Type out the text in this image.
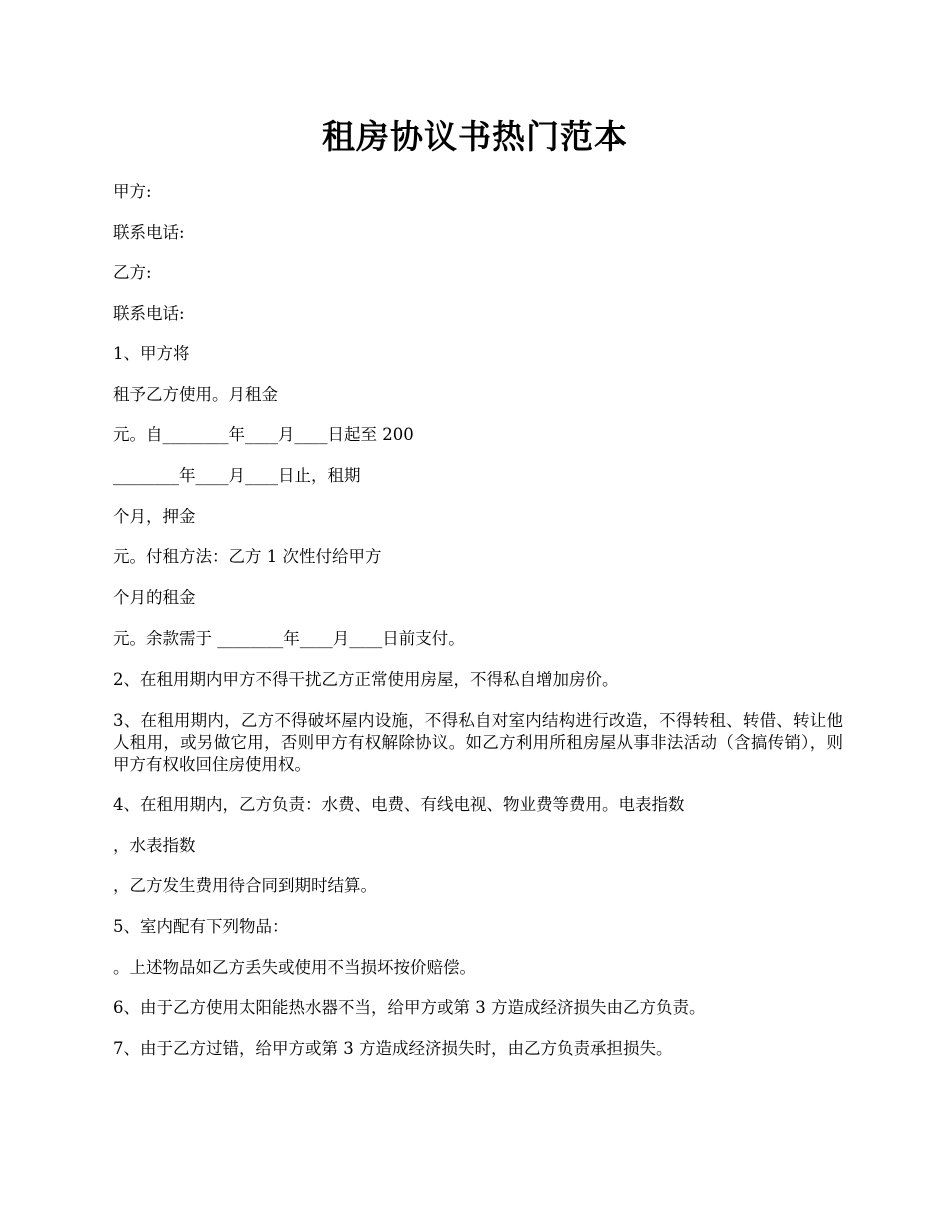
租房协议书热门范本
甲方:
联系电话:
乙方:
联系电话:
1、甲方将
租予乙方使用。月租金
元。自________年____月____日起至 200
________年____月____日止，租期
个月，押金
元。付租方法：乙方 1 次性付给甲方
个月的租金
元。余款需于 ________年____月____日前支付。
2、在租用期内甲方不得干扰乙方正常使用房屋，不得私自增加房价。
3、在租用期内，乙方不得破坏屋内设施，不得私自对室内结构进行改造，不得转租、转借、转让他人租用，或另做它用，否则甲方有权解除协议。如乙方利用所租房屋从事非法活动（含搞传销），则甲方有权收回住房使用权。
4、在租用期内，乙方负责：水费、电费、有线电视、物业费等费用。电表指数
，水表指数
，乙方发生费用待合同到期时结算。
5、室内配有下列物品：
。上述物品如乙方丢失或使用不当损坏按价赔偿。
6、由于乙方使用太阳能热水器不当，给甲方或第 3 方造成经济损失由乙方负责。
7、由于乙方过错，给甲方或第 3 方造成经济损失时，由乙方负责承担损失。
